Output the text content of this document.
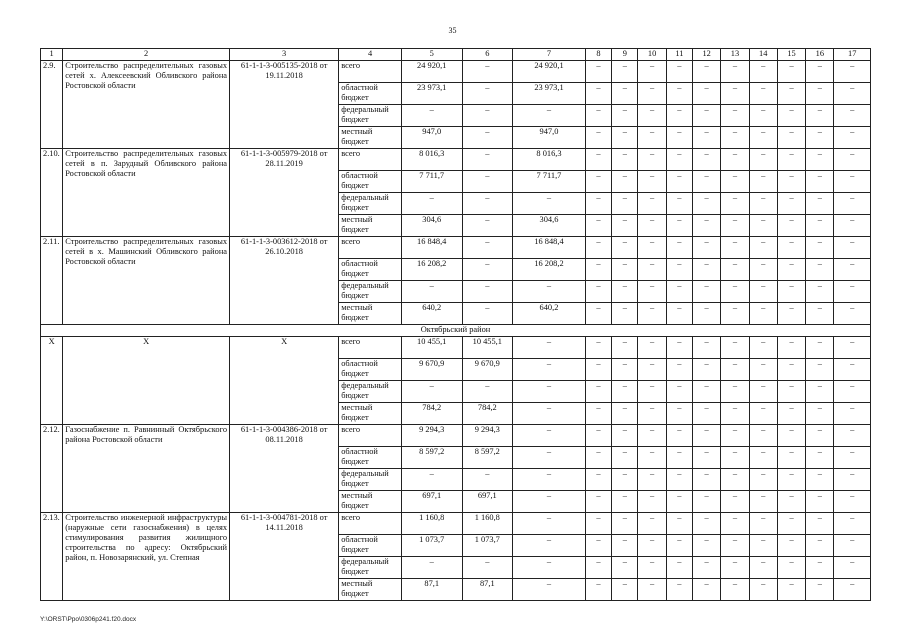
35
1	2	3	4	5	6	7	8	9	10	11	12	13	14	15	16	17
2.9.	Строительство распределительных газовых сетей х. Алексеевский Обливского района Ростовской области	61-1-1-3-005135-2018 от 19.11.2018	всего	24 920,1	–	24 920,1	–	–	–	–	–	–	–	–	–	–
			областной бюджет	23 973,1	–	23 973,1	–	–	–	–	–	–	–	–	–	–
			федеральный бюджет	–	–	–	–	–	–	–	–	–	–	–	–	–
			местный бюджет	947,0	–	947,0	–	–	–	–	–	–	–	–	–	–
2.10.	Строительство распределительных газовых сетей в п. Зарудный Обливского района Ростовской области	61-1-1-3-005979-2018 от 28.11.2019	всего	8 016,3	–	8 016,3	–	–	–	–	–	–	–	–	–	–
			областной бюджет	7 711,7	–	7 711,7	–	–	–	–	–	–	–	–	–	–
			федеральный бюджет	–	–	–	–	–	–	–	–	–	–	–	–	–
			местный бюджет	304,6	–	304,6	–	–	–	–	–	–	–	–	–	–
2.11.	Строительство распределительных газовых сетей в х. Машинский Обливского района Ростовской области	61-1-1-3-003612-2018 от 26.10.2018	всего	16 848,4	–	16 848,4	–	–	–	–	–	–	–	–	–	–
			областной бюджет	16 208,2	–	16 208,2	–	–	–	–	–	–	–	–	–	–
			федеральный бюджет	–	–	–	–	–	–	–	–	–	–	–	–	–
			местный бюджет	640,2	–	640,2	–	–	–	–	–	–	–	–	–	–
Октябрьский район																
Х	Х	Х	всего	10 455,1	10 455,1	–	–	–	–	–	–	–	–	–	–	–
			областной бюджет	9 670,9	9 670,9	–	–	–	–	–	–	–	–	–	–	–
			федеральный бюджет	–	–	–	–	–	–	–	–	–	–	–	–	–
			местный бюджет	784,2	784,2	–	–	–	–	–	–	–	–	–	–	–
2.12.	Газоснабжение п. Равнинный Октябрьского района Ростовской области	61-1-1-3-004386-2018 от 08.11.2018	всего	9 294,3	9 294,3	–	–	–	–	–	–	–	–	–	–	–
			областной бюджет	8 597,2	8 597,2	–	–	–	–	–	–	–	–	–	–	–
			федеральный бюджет	–	–	–	–	–	–	–	–	–	–	–	–	–
			местный бюджет	697,1	697,1	–	–	–	–	–	–	–	–	–	–	–
2.13.	Строительство инженерной инфраструктуры (наружные сети газоснабжения) в целях стимулирования развития жилищного строительства по адресу: Октябрьский район, п. Новозарянский, ул. Степная	61-1-1-3-004781-2018 от 14.11.2018	всего	1 160,8	1 160,8	–	–	–	–	–	–	–	–	–	–	–
			областной бюджет	1 073,7	1 073,7	–	–	–	–	–	–	–	–	–	–	–
			федеральный бюджет	–	–	–	–	–	–	–	–	–	–	–	–	–
			местный бюджет	87,1	87,1	–	–	–	–	–	–	–	–	–	–	–
Y:\ORST\Ppo\0306p241.f20.docx
